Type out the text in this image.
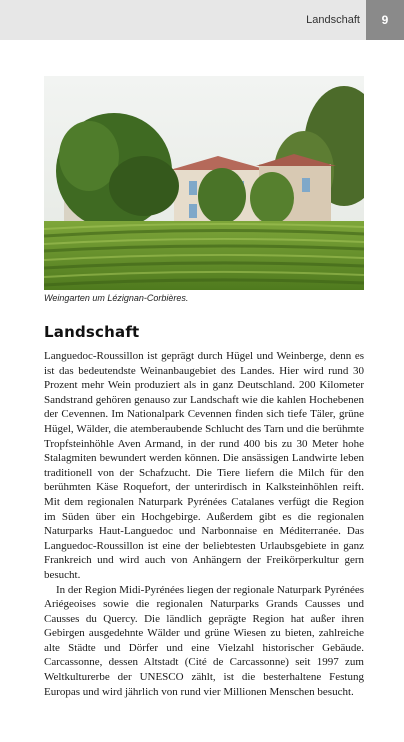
Landschaft	9
Weingarten um Lézignan-Corbières.
Landschaft

Languedoc-Roussillon ist geprägt durch Hügel und Weinberge, denn es ist das bedeutendste Weinanbaugebiet des Landes. Hier wird rund 30 Prozent mehr Wein produziert als in ganz Deutschland. 200 Kilometer Sandstrand gehören genauso zur Landschaft wie die kahlen Hochebenen der Cevennen. Im Nationalpark Cevennen finden sich tiefe Täler, grüne Hügel, Wälder, die atemberaubende Schlucht des Tarn und die berühmte Tropfsteinhöhle Aven Armand, in der rund 400 bis zu 30 Meter hohe Stalagmiten bewundert werden können. Die ansässigen Landwirte leben traditionell von der Schafzucht. Die Tiere liefern die Milch für den berühmten Käse Roquefort, der unterirdisch in Kalksteinhöhlen reift. Mit dem regionalen Naturpark Pyrénées Catalanes verfügt die Region im Süden über ein Hochgebirge. Außerdem gibt es die regionalen Naturparks Haut-Languedoc und Narbonnaise en Méditerranée. Das Languedoc-Roussillon ist eine der beliebtesten Urlaubsgebiete in ganz Frankreich und wird auch von Anhängern der Freikörperkultur gern besucht.

In der Region Midi-Pyrénées liegen der regionale Naturpark Pyrénées Ariégeoises sowie die regionalen Naturparks Grands Causses und Causses du Quercy. Die ländlich geprägte Region hat außer ihren Gebirgen ausgedehnte Wälder und grüne Wiesen zu bieten, zahlreiche alte Städte und Dörfer und eine Vielzahl historischer Gebäude. Carcassonne, dessen Altstadt (Cité de Carcassonne) seit 1997 zum Weltkulturerbe der UNESCO zählt, ist die besterhaltene Festung Europas und wird jährlich von rund vier Millionen Menschen besucht.
